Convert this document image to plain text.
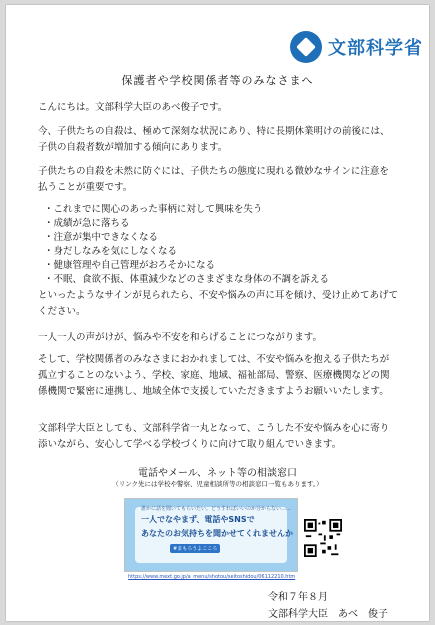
文部科学省
保護者や学校関係者等のみなさまへ

こんにちは。文部科学大臣のあべ俊子です。

今、子供たちの自殺は、極めて深刻な状況にあり、特に長期休業明けの前後には、子供の自殺者数が増加する傾向にあります。

子供たちの自殺を未然に防ぐには、子供たちの態度に現れる微妙なサインに注意を払うことが重要です。

・これまでに関心のあった事柄に対して興味を失う
・成績が急に落ちる
・注意が集中できなくなる
・身だしなみを気にしなくなる
・健康管理や自己管理がおろそかになる
・不眠、食欲不振、体重減少などのさまざまな身体の不調を訴える

といったようなサインが見られたら、不安や悩みの声に耳を傾け、受け止めてあげてください。

一人一人の声がけが、悩みや不安を和らげることにつながります。

そして、学校関係者のみなさまにおかれましては、不安や悩みを抱える子供たちが孤立することのないよう、学校、家庭、地域、福祉部局、警察、医療機関などの関係機関で緊密に連携し、地域全体で支援していただきますようお願いいたします。

文部科学大臣としても、文部科学省一丸となって、こうした不安や悩みを心に寄り添いながら、安心して学べる学校づくりに向けて取り組んでいきます。

電話やメール、ネット等の相談窓口
（リンク先には学校や警察、児童相談所等の相談窓口一覧もあります。）
誰かに話を聞いてもらいたい。どうすればいいのか分からない……
一人でなやまず、電話やSNSで
あなたのお気持ちを聞かせてくれませんか
#まもろうよこころ
https://www.mext.go.jp/a_menu/shotou/seitoshidou/06112210.htm
令和７年８月
文部科学大臣　あべ　俊子
